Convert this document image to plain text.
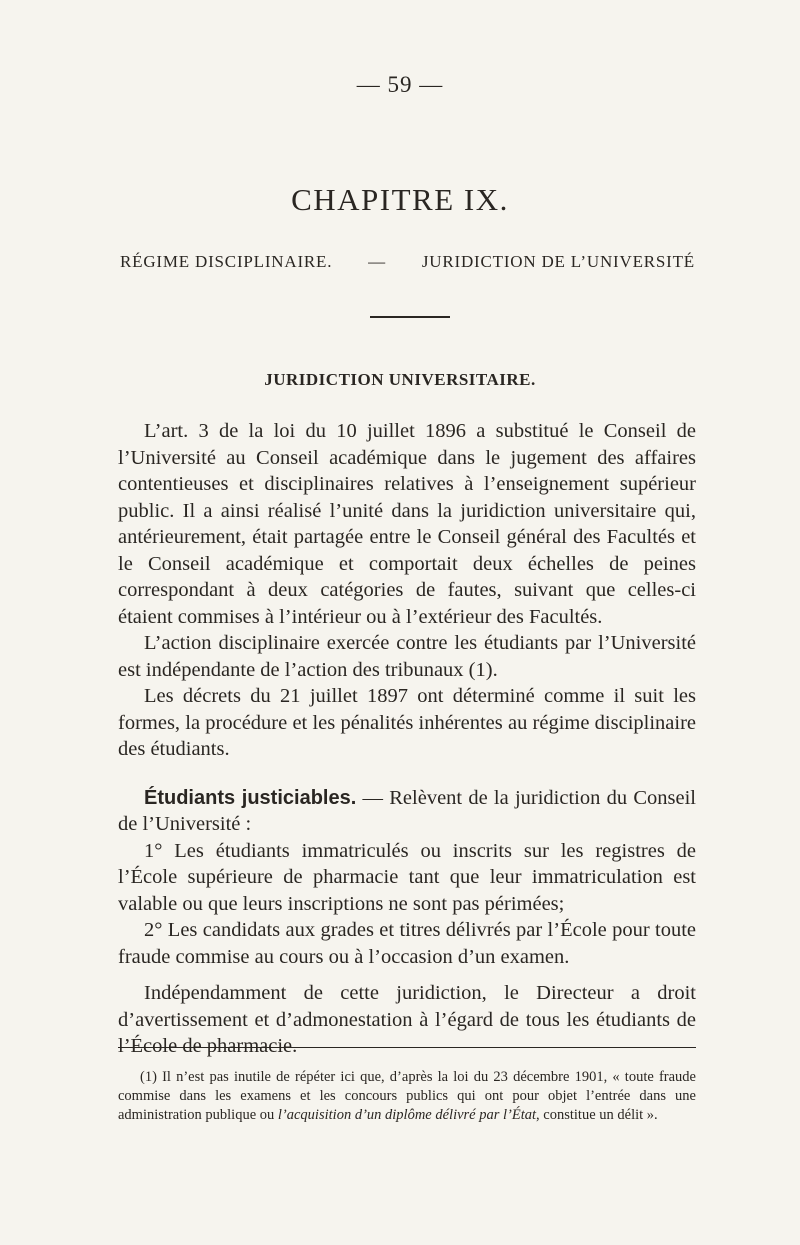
— 59 —
CHAPITRE IX.
RÉGIME DISCIPLINAIRE. — JURIDICTION DE L’UNIVERSITÉ
JURIDICTION UNIVERSITAIRE.

L’art. 3 de la loi du 10 juillet 1896 a substitué le Conseil de l’Université au Conseil académique dans le jugement des affaires contentieuses et disciplinaires relatives à l’enseignement supérieur public. Il a ainsi réalisé l’unité dans la juridiction universitaire qui, antérieurement, était partagée entre le Conseil général des Facultés et le Conseil académique et comportait deux échelles de peines correspondant à deux catégories de fautes, suivant que celles-ci étaient commises à l’intérieur ou à l’extérieur des Facultés.

L’action disciplinaire exercée contre les étudiants par l’Université est indépendante de l’action des tribunaux (1).

Les décrets du 21 juillet 1897 ont déterminé comme il suit les formes, la procédure et les pénalités inhérentes au régime disciplinaire des étudiants.

Étudiants justiciables. — Relèvent de la juridiction du Conseil de l’Université :

1° Les étudiants immatriculés ou inscrits sur les registres de l’École supérieure de pharmacie tant que leur immatriculation est valable ou que leurs inscriptions ne sont pas périmées;

2° Les candidats aux grades et titres délivrés par l’École pour toute fraude commise au cours ou à l’occasion d’un examen.

Indépendamment de cette juridiction, le Directeur a droit d’avertissement et d’admonestation à l’égard de tous les étudiants de l’École de pharmacie.

(1) Il n’est pas inutile de répéter ici que, d’après la loi du 23 décembre 1901, « toute fraude commise dans les examens et les concours publics qui ont pour objet l’entrée dans une administration publique ou l’acquisition d’un diplôme délivré par l’État, constitue un délit ».
